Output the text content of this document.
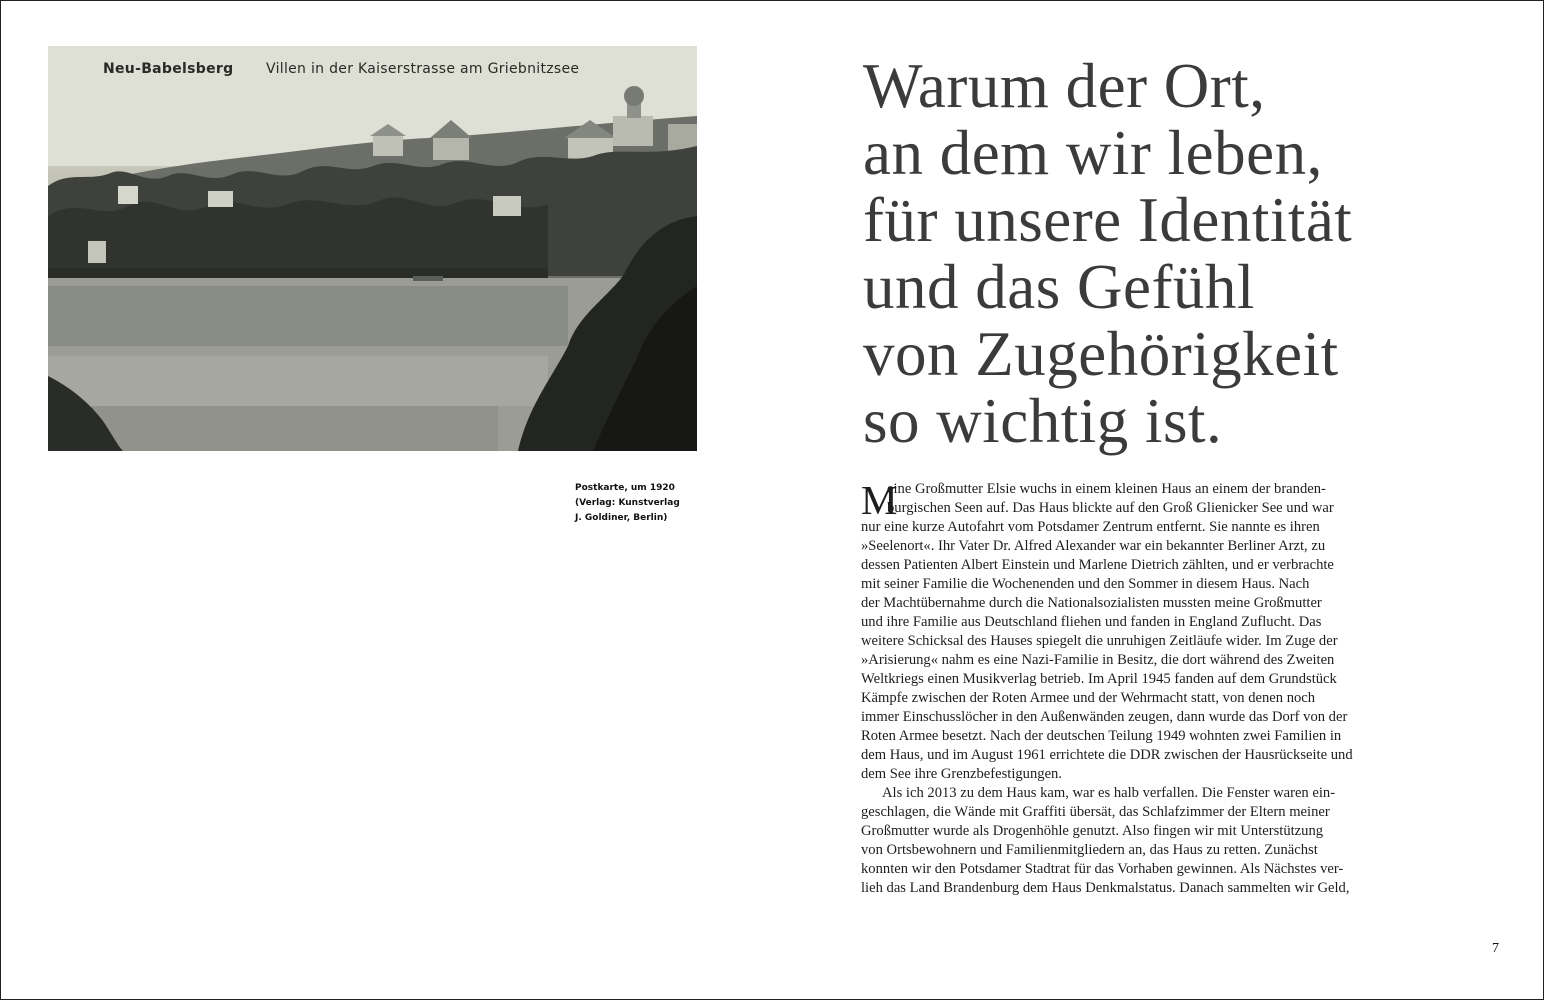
Neu-Babelsberg Villen in der Kaiserstrasse am Griebnitzsee
Postkarte, um 1920
(Verlag: Kunstverlag
J. Goldiner, Berlin)
Warum der Ort,
an dem wir leben,
für unsere Identität
und das Gefühl
von Zugehörigkeit
so wichtig ist.
M
eine Großmutter Elsie wuchs in einem kleinen Haus an einem der branden-
burgischen Seen auf. Das Haus blickte auf den Groß Glienicker See und war
nur eine kurze Autofahrt vom Potsdamer Zentrum entfernt. Sie nannte es ihren
»Seelenort«. Ihr Vater Dr. Alfred Alexander war ein bekannter Berliner Arzt, zu
dessen Patienten Albert Einstein und Marlene Dietrich zählten, und er verbrachte
mit seiner Familie die Wochenenden und den Sommer in diesem Haus. Nach
der Machtübernahme durch die Nationalsozialisten mussten meine Großmutter
und ihre Familie aus Deutschland fliehen und fanden in England Zuflucht. Das
weitere Schicksal des Hauses spiegelt die unruhigen Zeitläufe wider. Im Zuge der
»Arisierung« nahm es eine Nazi-Familie in Besitz, die dort während des Zweiten
Weltkriegs einen Musikverlag betrieb. Im April 1945 fanden auf dem Grundstück
Kämpfe zwischen der Roten Armee und der Wehrmacht statt, von denen noch
immer Einschusslöcher in den Außenwänden zeugen, dann wurde das Dorf von der
Roten Armee besetzt. Nach der deutschen Teilung 1949 wohnten zwei Familien in
dem Haus, und im August 1961 errichtete die DDR zwischen der Hausrückseite und
dem See ihre Grenzbefestigungen.
Als ich 2013 zu dem Haus kam, war es halb verfallen. Die Fenster waren ein-
geschlagen, die Wände mit Graffiti übersät, das Schlafzimmer der Eltern meiner
Großmutter wurde als Drogenhöhle genutzt. Also fingen wir mit Unterstützung
von Ortsbewohnern und Familienmitgliedern an, das Haus zu retten. Zunächst
konnten wir den Potsdamer Stadtrat für das Vorhaben gewinnen. Als Nächstes ver-
lieh das Land Brandenburg dem Haus Denkmalstatus. Danach sammelten wir Geld,
7
